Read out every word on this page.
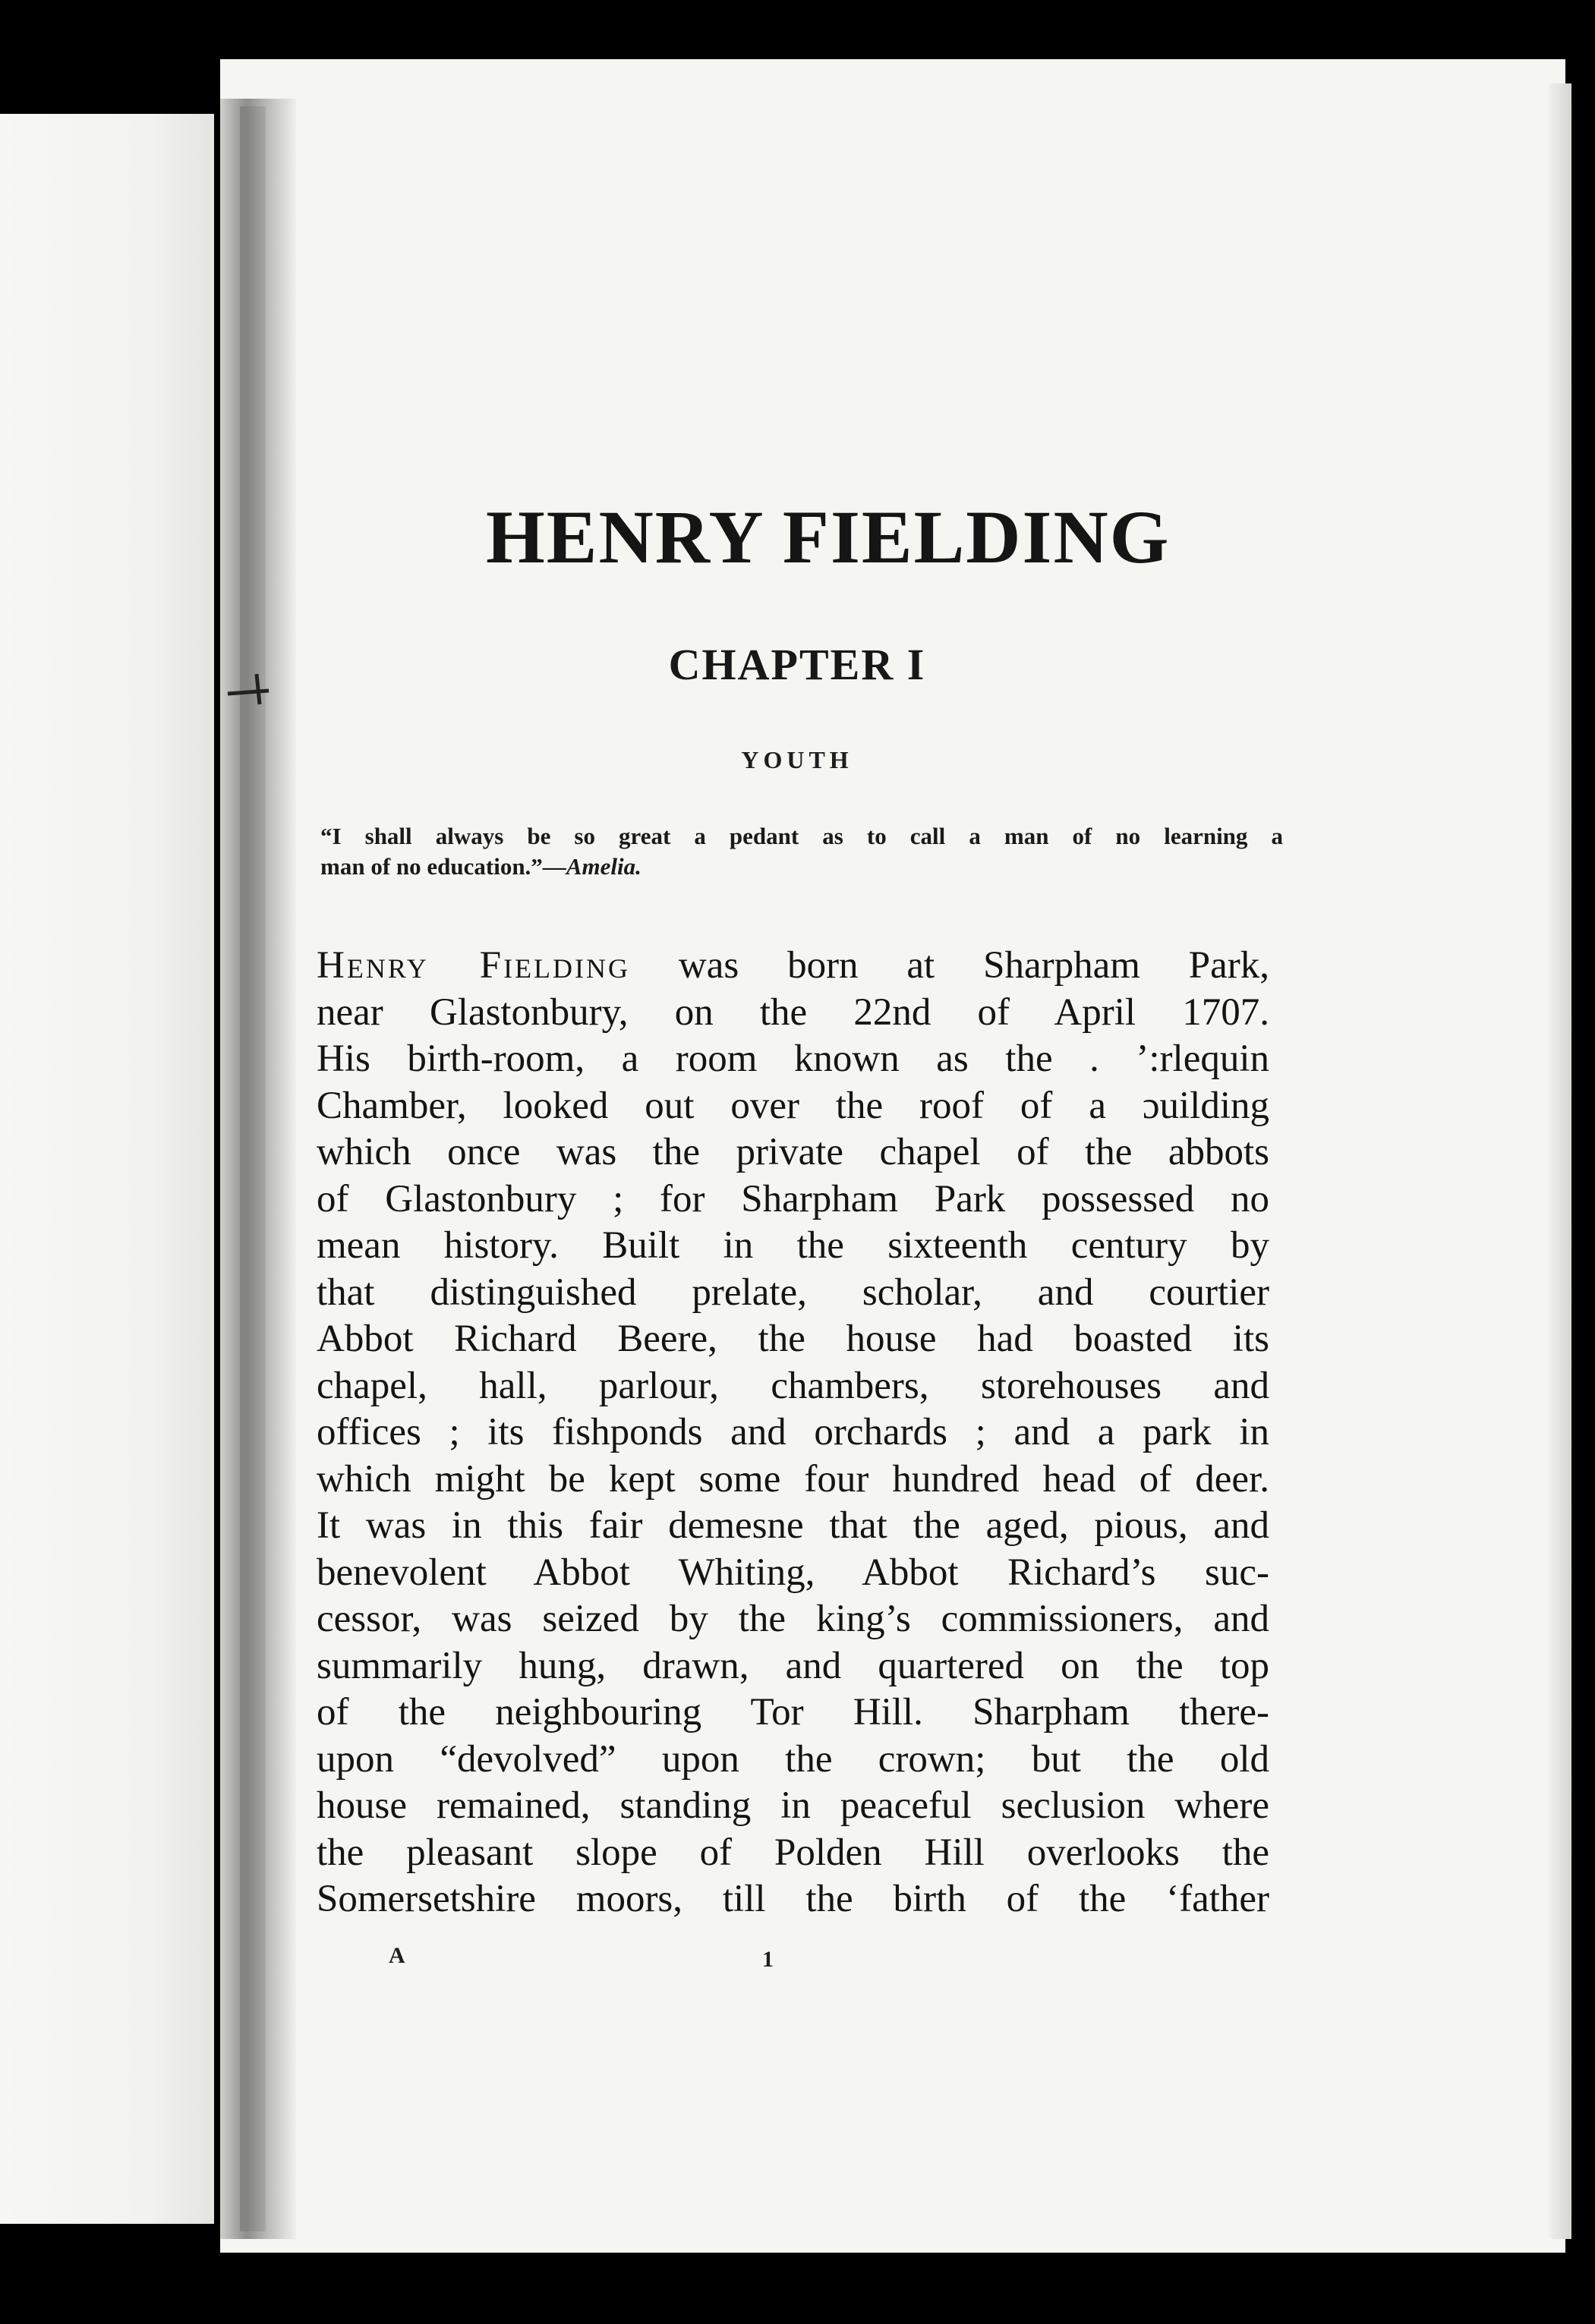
HENRY FIELDING
CHAPTER I
YOUTH
“I shall always be so great a pedant as to call a man of no learning a
man of no education.”—Amelia.
Henry Fielding was born at Sharpham Park,
near Glastonbury, on the 22nd of April 1707.
His birth-room, a room known as the . ’:rlequin
Chamber, looked out over the roof of a ɔuilding
which once was the private chapel of the abbots
of Glastonbury ; for Sharpham Park possessed no
mean history. Built in the sixteenth century by
that distinguished prelate, scholar, and courtier
Abbot Richard Beere, the house had boasted its
chapel, hall, parlour, chambers, storehouses and
offices ; its fishponds and orchards ; and a park in
which might be kept some four hundred head of deer.
It was in this fair demesne that the aged, pious, and
benevolent Abbot Whiting, Abbot Richard’s suc-
cessor, was seized by the king’s commissioners, and
summarily hung, drawn, and quartered on the top
of the neighbouring Tor Hill. Sharpham there-
upon “devolved” upon the crown; but the old
house remained, standing in peaceful seclusion where
the pleasant slope of Polden Hill overlooks the
Somersetshire moors, till the birth of the ‘father
A	1
